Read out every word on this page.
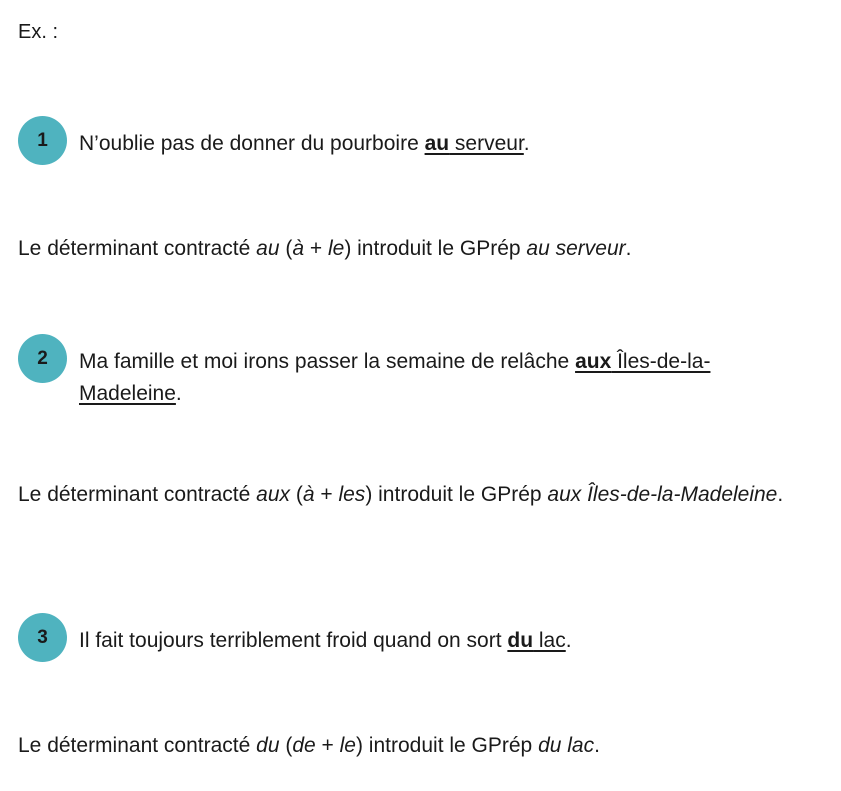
Ex. :
1	N’oublie pas de donner du pourboire au serveur.
Le déterminant contracté au (à + le) introduit le GPrép au serveur.
2	Ma famille et moi irons passer la semaine de relâche aux Îles-de-la-Madeleine.
Le déterminant contracté aux (à + les) introduit le GPrép aux Îles-de-la-Madeleine.
3	Il fait toujours terriblement froid quand on sort du lac.
Le déterminant contracté du (de + le) introduit le GPrép du lac.
